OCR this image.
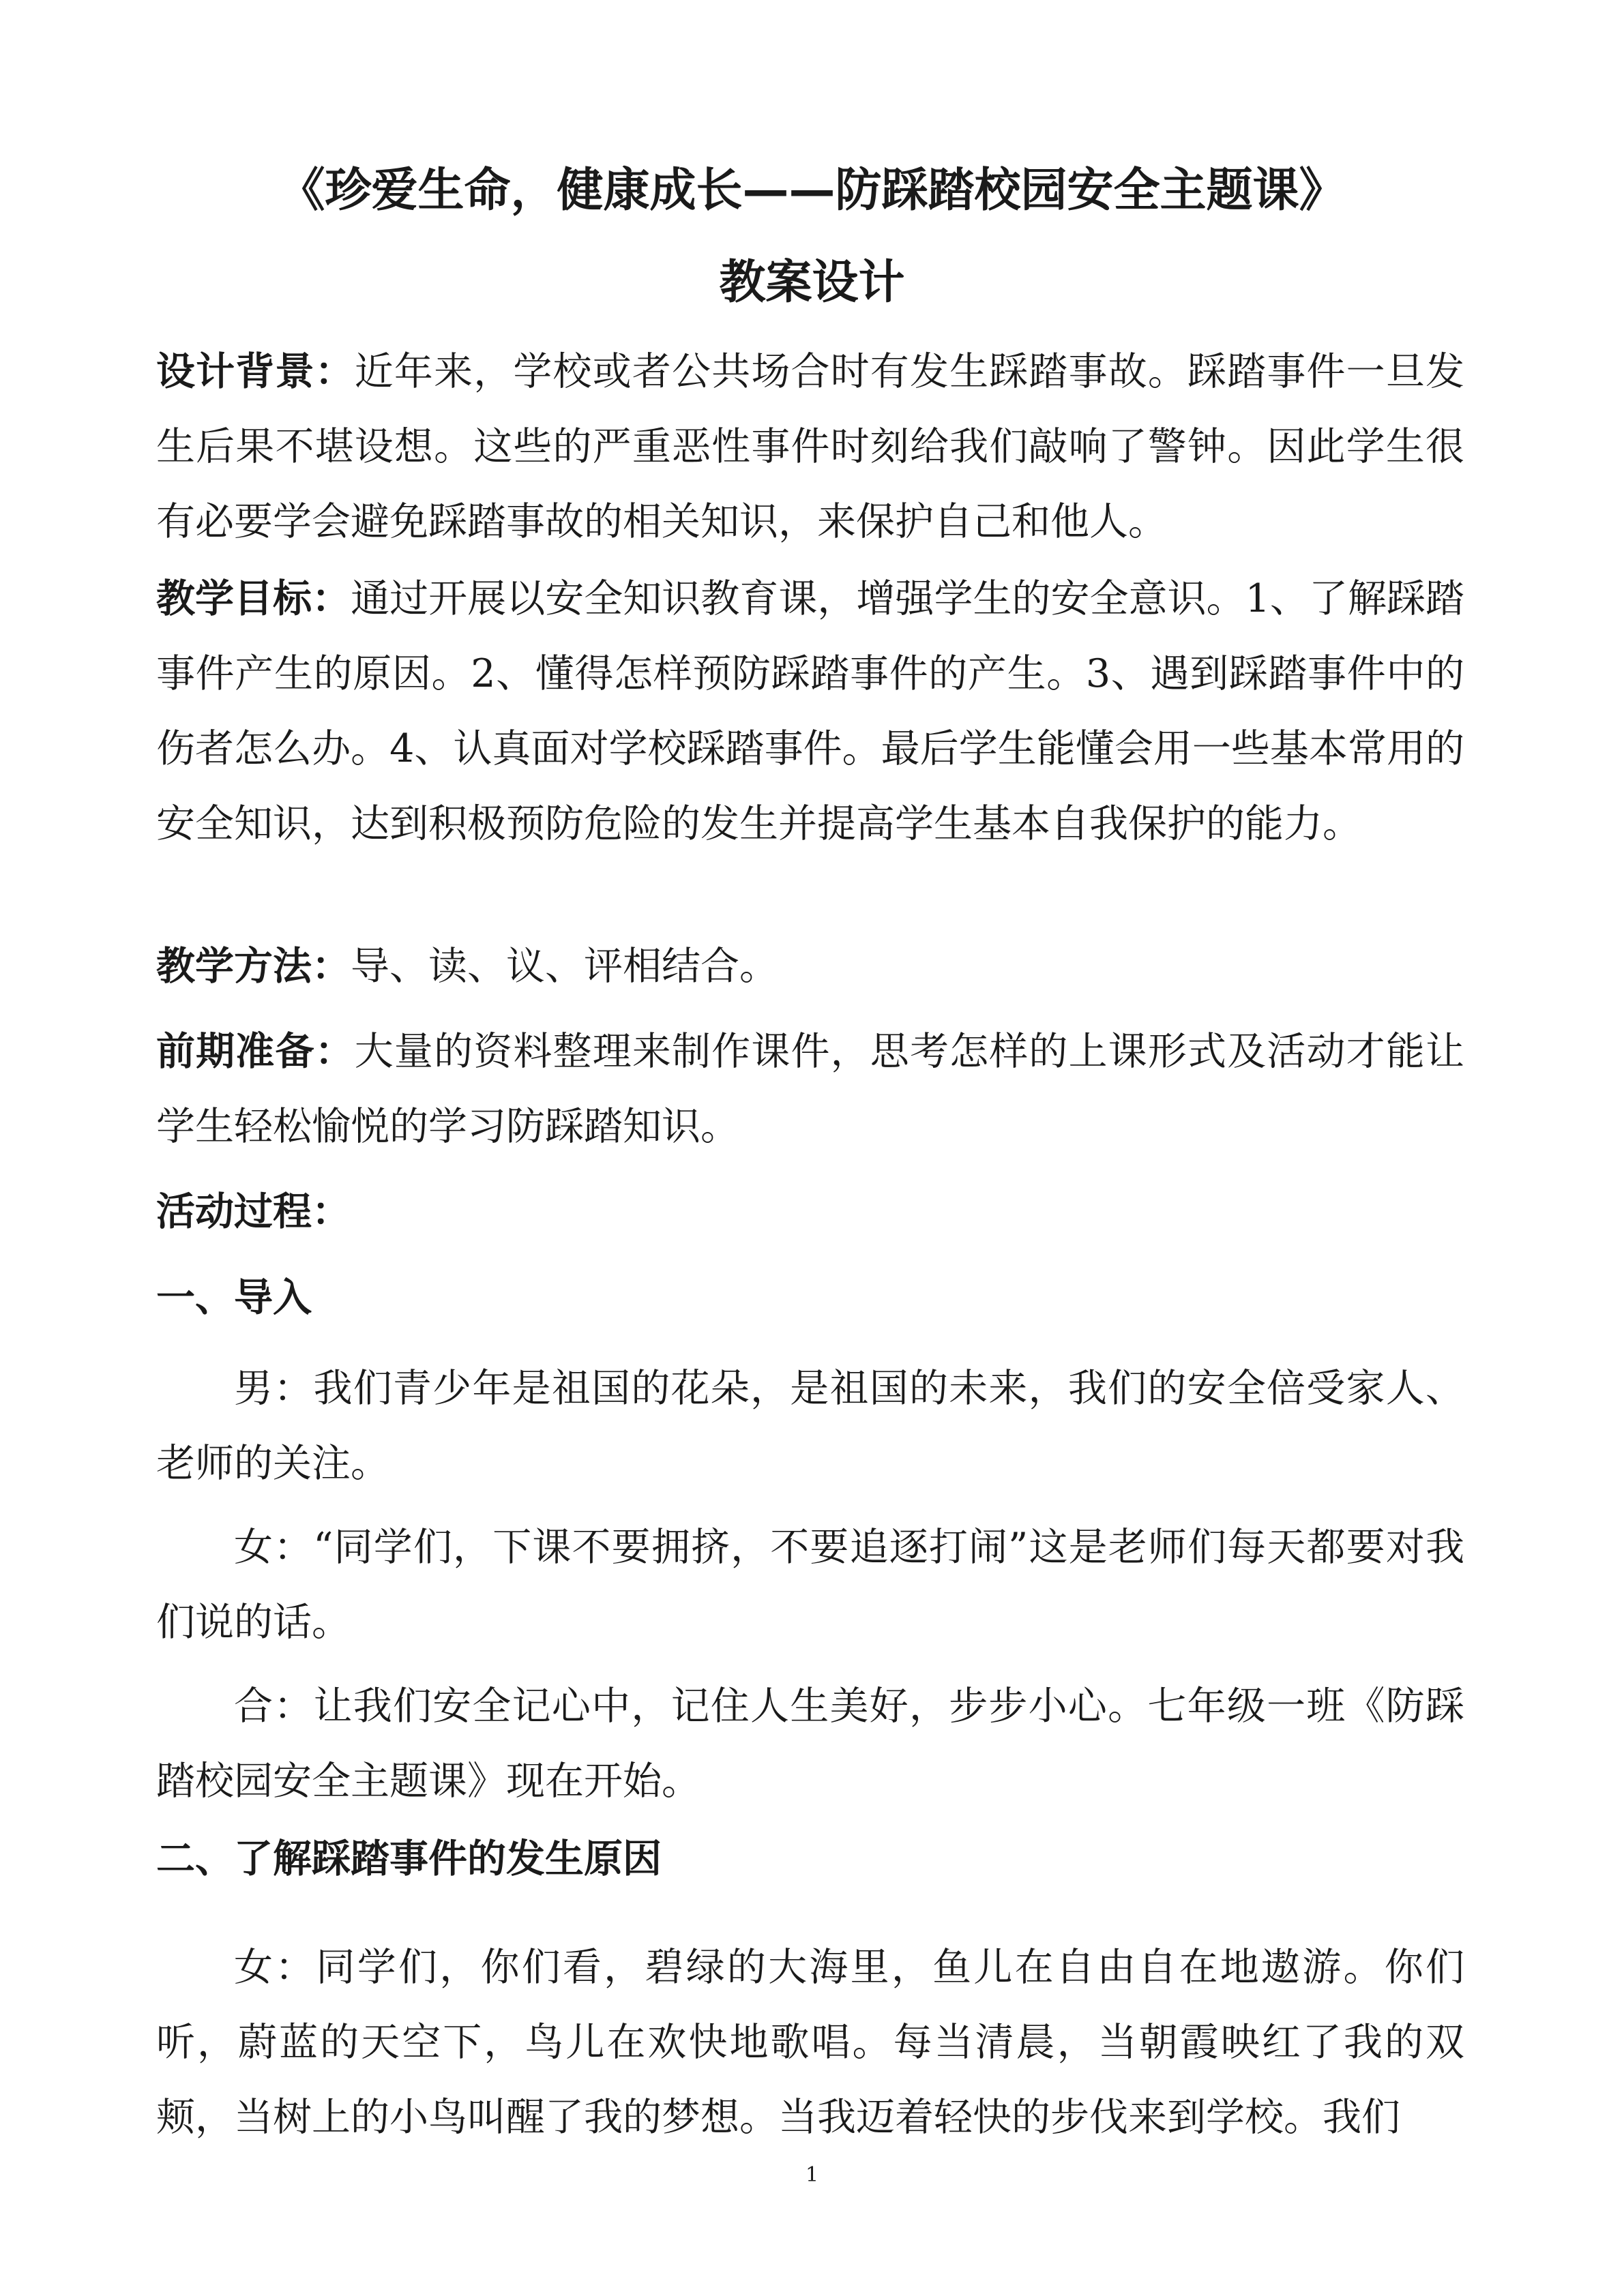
《珍爱生命，健康成长——防踩踏校园安全主题课》
教案设计

设计背景：近年来，学校或者公共场合时有发生踩踏事故。踩踏事件一旦发生后果不堪设想。这些的严重恶性事件时刻给我们敲响了警钟。因此学生很有必要学会避免踩踏事故的相关知识，来保护自己和他人。

教学目标：通过开展以安全知识教育课，增强学生的安全意识。1、了解踩踏事件产生的原因。2、懂得怎样预防踩踏事件的产生。3、遇到踩踏事件中的伤者怎么办。4、认真面对学校踩踏事件。最后学生能懂会用一些基本常用的安全知识，达到积极预防危险的发生并提高学生基本自我保护的能力。

教学方法：导、读、议、评相结合。

前期准备：大量的资料整理来制作课件，思考怎样的上课形式及活动才能让学生轻松愉悦的学习防踩踏知识。

活动过程：
一、导入

男：我们青少年是祖国的花朵，是祖国的未来，我们的安全倍受家人、老师的关注。

女：“同学们，下课不要拥挤，不要追逐打闹”这是老师们每天都要对我们说的话。

合：让我们安全记心中，记住人生美好，步步小心。七年级一班《防踩踏校园安全主题课》现在开始。

二、了解踩踏事件的发生原因

女：同学们，你们看，碧绿的大海里，鱼儿在自由自在地遨游。你们听，蔚蓝的天空下，鸟儿在欢快地歌唱。每当清晨，当朝霞映红了我的双颊，当树上的小鸟叫醒了我的梦想。当我迈着轻快的步伐来到学校。我们

1
